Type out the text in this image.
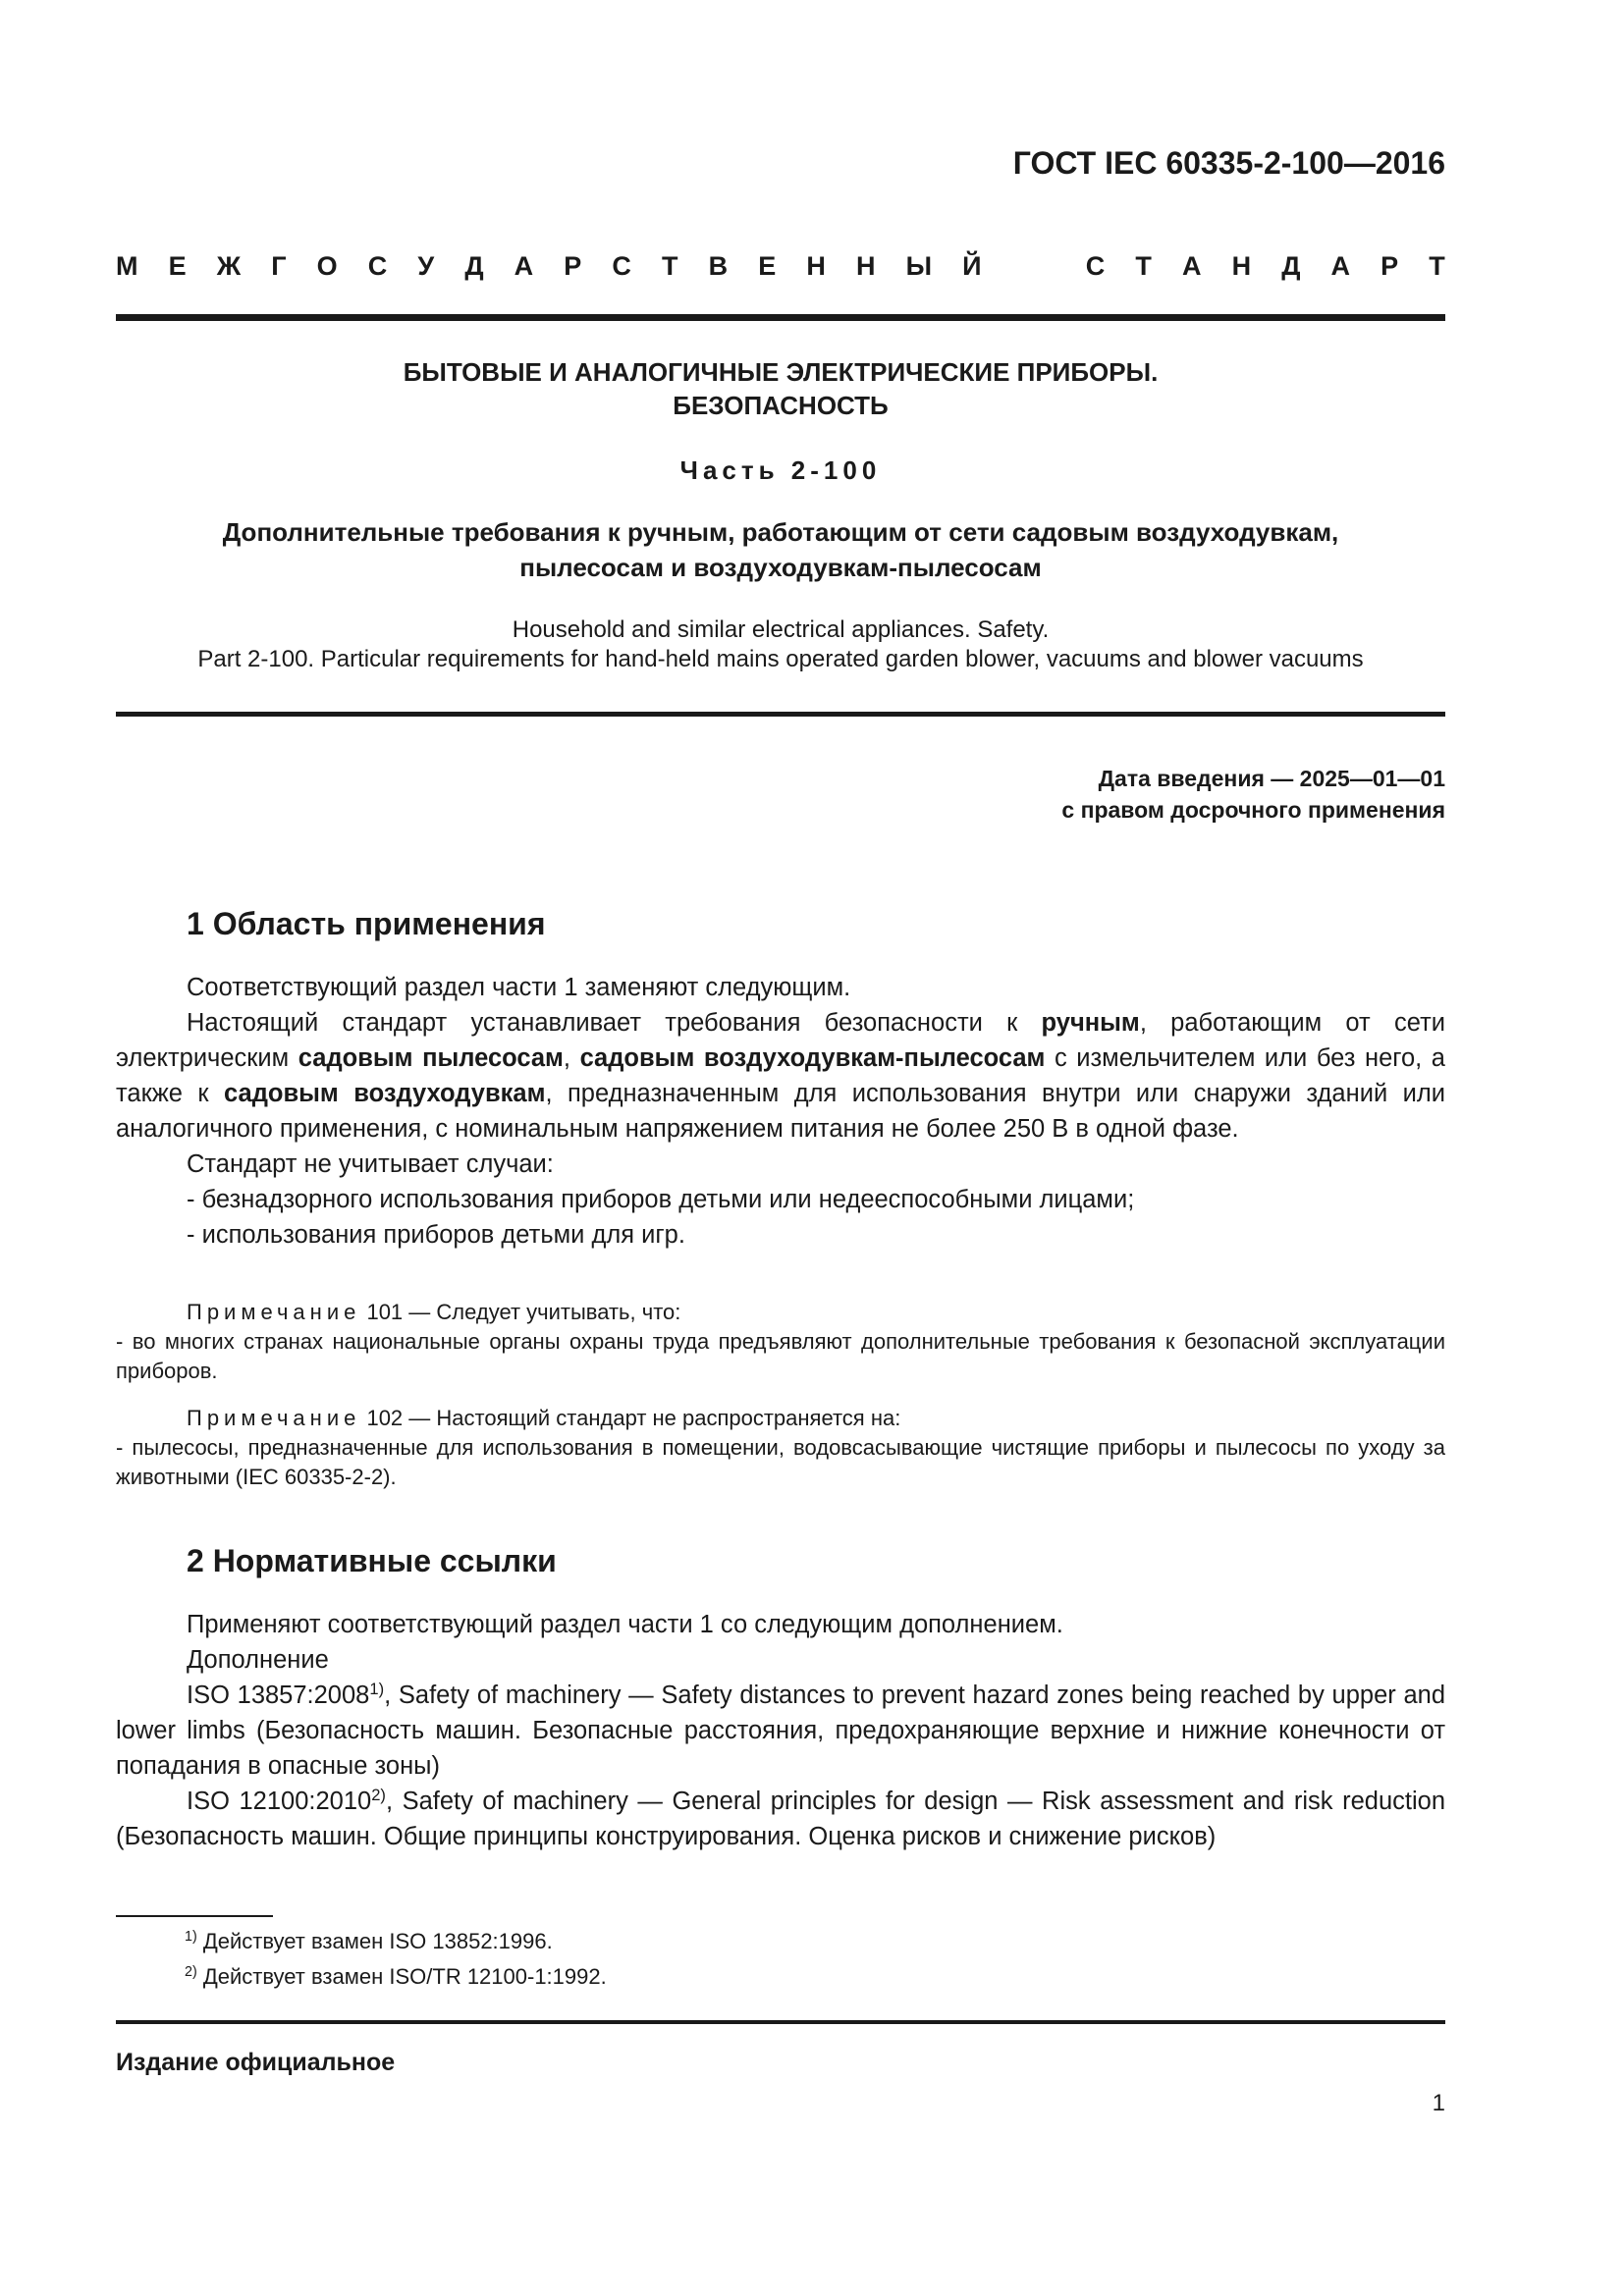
ГОСТ IEC 60335-2-100—2016
М Е Ж Г О С У Д А Р С Т В Е Н Н Ы Й	С Т А Н Д А Р Т
БЫТОВЫЕ И АНАЛОГИЧНЫЕ ЭЛЕКТРИЧЕСКИЕ ПРИБОРЫ.
БЕЗОПАСНОСТЬ
Часть 2-100
Дополнительные требования к ручным, работающим от сети садовым воздуходувкам,
пылесосам и воздуходувкам-пылесосам
Household and similar electrical appliances. Safety.
Part 2-100. Particular requirements for hand-held mains operated garden blower, vacuums and blower vacuums
Дата введения — 2025—01—01
с правом досрочного применения
1 Область применения

Соответствующий раздел части 1 заменяют следующим.

Настоящий стандарт устанавливает требования безопасности к ручным, работающим от сети электрическим садовым пылесосам, садовым воздуходувкам-пылесосам с измельчителем или без него, а также к садовым воздуходувкам, предназначенным для использования внутри или снаружи зданий или аналогичного применения, с номинальным напряжением питания не более 250 В в одной фазе.

Стандарт не учитывает случаи:

- безнадзорного использования приборов детьми или недееспособными лицами;
- использования приборов детьми для игр.

Примечание 101 — Следует учитывать, что:

- во многих странах национальные органы охраны труда предъявляют дополнительные требования к безопасной эксплуатации приборов.

Примечание 102 — Настоящий стандарт не распространяется на:

- пылесосы, предназначенные для использования в помещении, водовсасывающие чистящие приборы и пылесосы по уходу за животными (IEC 60335-2-2).

2 Нормативные ссылки

Применяют соответствующий раздел части 1 со следующим дополнением.

Дополнение

ISO 13857:2008$^{1)}$, Safety of machinery — Safety distances to prevent hazard zones being reached by upper and lower limbs (Безопасность машин. Безопасные расстояния, предохраняющие верхние и нижние конечности от попадания в опасные зоны)

ISO 12100:2010$^{2)}$, Safety of machinery — General principles for design — Risk assessment and risk reduction (Безопасность машин. Общие принципы конструирования. Оценка рисков и снижение рисков)

$^{1)}$ Действует взамен ISO 13852:1996.
$^{2)}$ Действует взамен ISO/TR 12100-1:1992.
Издание официальное
1
